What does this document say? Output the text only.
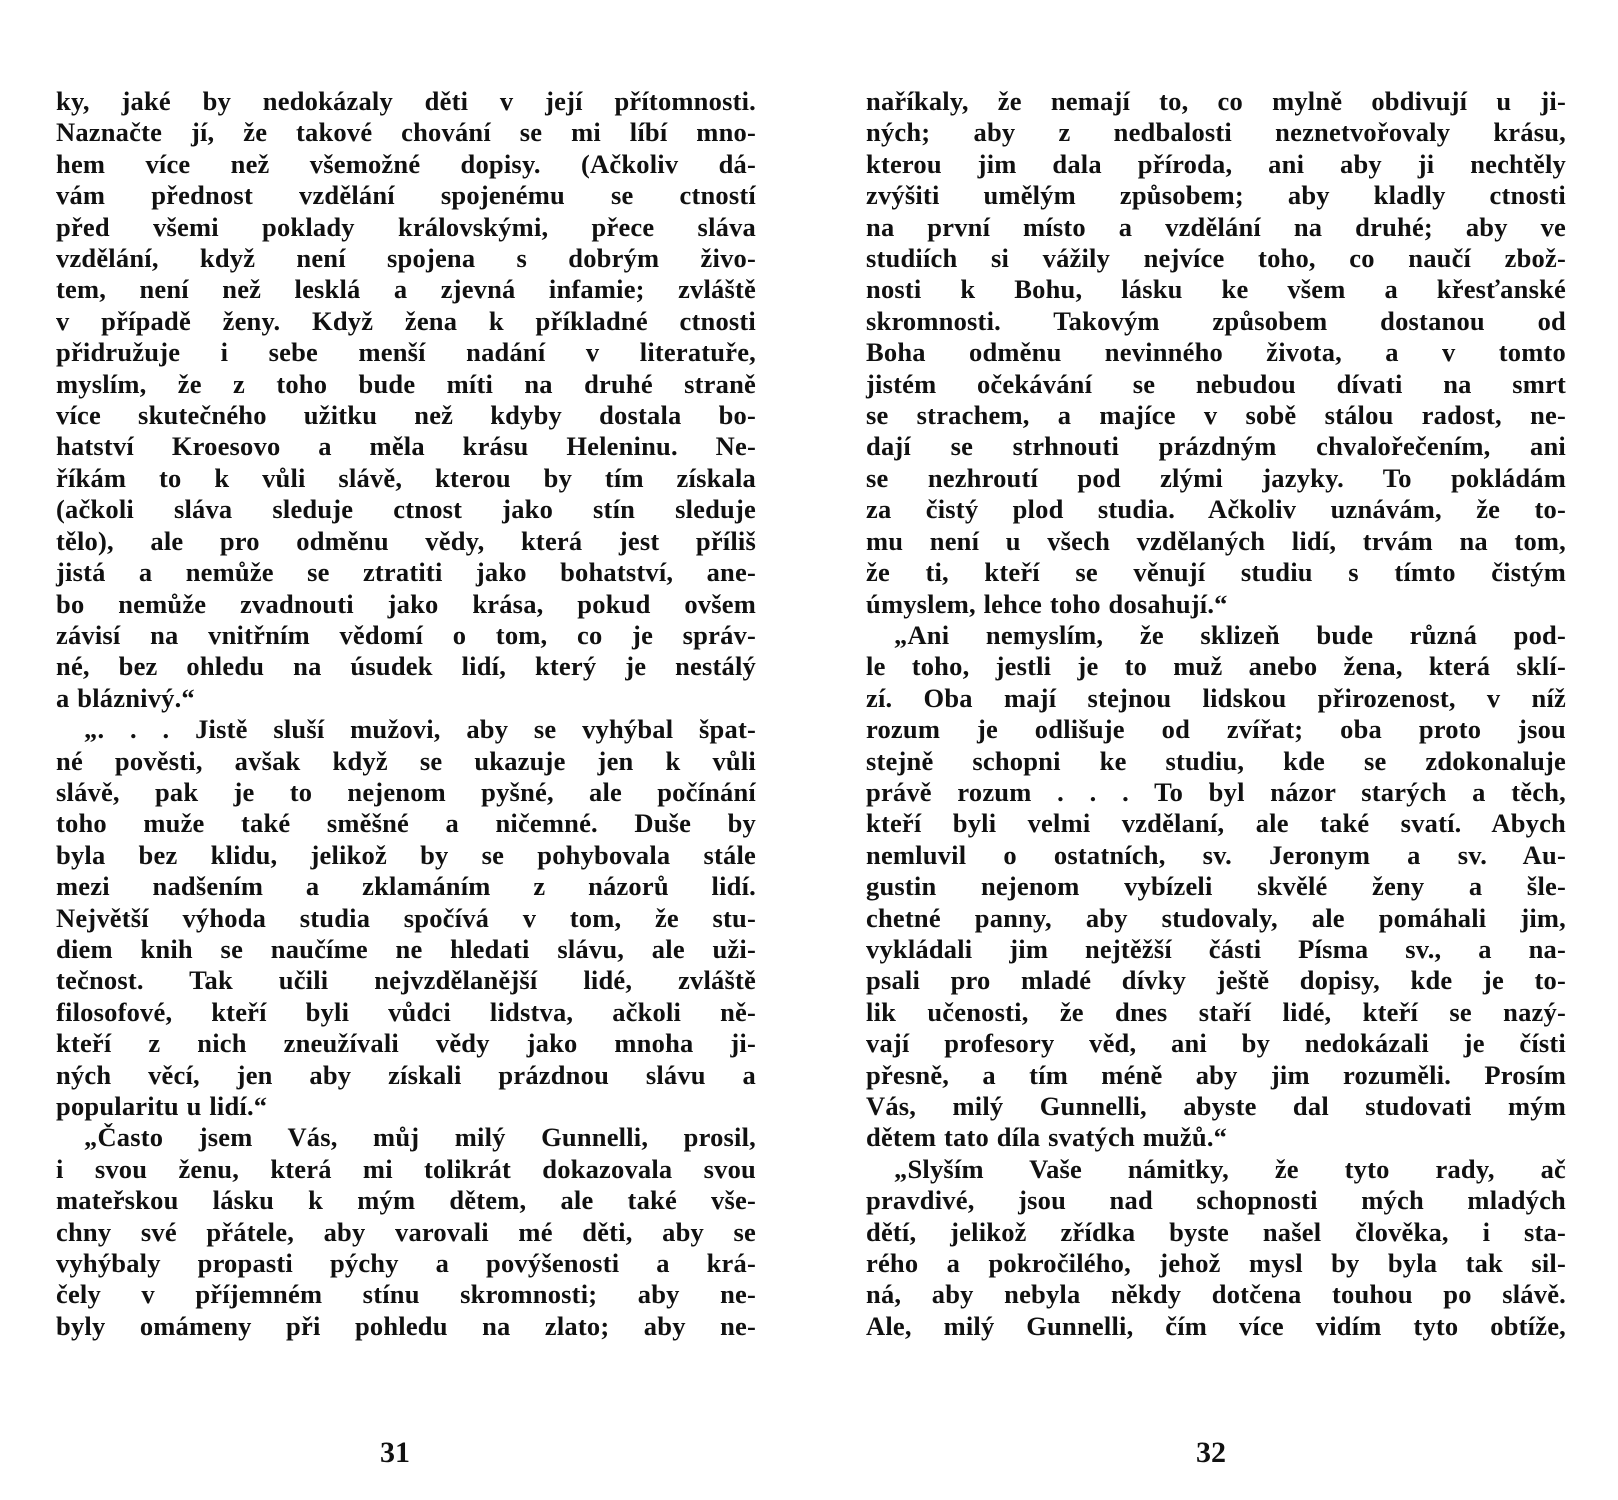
ky, jaké by nedokázaly děti v její přítomnosti.
Naznačte jí, že takové chování se mi líbí mno-
hem více než všemožné dopisy. (Ačkoliv dá-
vám přednost vzdělání spojenému se ctností
před všemi poklady královskými, přece sláva
vzdělání, když není spojena s dobrým živo-
tem, není než lesklá a zjevná infamie; zvláště
v případě ženy. Když žena k příkladné ctnosti
přidružuje i sebe menší nadání v literatuře,
myslím, že z toho bude míti na druhé straně
více skutečného užitku než kdyby dostala bo-
hatství Kroesovo a měla krásu Heleninu. Ne-
říkám to k vůli slávě, kterou by tím získala
(ačkoli sláva sleduje ctnost jako stín sleduje
tělo), ale pro odměnu vědy, která jest příliš
jistá a nemůže se ztratiti jako bohatství, ane-
bo nemůže zvadnouti jako krása, pokud ovšem
závisí na vnitřním vědomí o tom, co je správ-
né, bez ohledu na úsudek lidí, který je nestálý
a bláznivý.“
„. . . Jistě sluší mužovi, aby se vyhýbal špat-
né pověsti, avšak když se ukazuje jen k vůli
slávě, pak je to nejenom pyšné, ale počínání
toho muže také směšné a ničemné. Duše by
byla bez klidu, jelikož by se pohybovala stále
mezi nadšením a zklamáním z názorů lidí.
Největší výhoda studia spočívá v tom, že stu-
diem knih se naučíme ne hledati slávu, ale uži-
tečnost. Tak učili nejvzdělanější lidé, zvláště
filosofové, kteří byli vůdci lidstva, ačkoli ně-
kteří z nich zneužívali vědy jako mnoha ji-
ných věcí, jen aby získali prázdnou slávu a
popularitu u lidí.“
„Často jsem Vás, můj milý Gunnelli, prosil,
i svou ženu, která mi tolikrát dokazovala svou
mateřskou lásku k mým dětem, ale také vše-
chny své přátele, aby varovali mé děti, aby se
vyhýbaly propasti pýchy a povýšenosti a krá-
čely v příjemném stínu skromnosti; aby ne-
byly omámeny při pohledu na zlato; aby ne-
naříkaly, že nemají to, co mylně obdivují u ji-
ných; aby z nedbalosti neznetvořovaly krásu,
kterou jim dala příroda, ani aby ji nechtěly
zvýšiti umělým způsobem; aby kladly ctnosti
na první místo a vzdělání na druhé; aby ve
studiích si vážily nejvíce toho, co naučí zbož-
nosti k Bohu, lásku ke všem a křesťanské
skromnosti. Takovým způsobem dostanou od
Boha odměnu nevinného života, a v tomto
jistém očekávání se nebudou dívati na smrt
se strachem, a majíce v sobě stálou radost, ne-
dají se strhnouti prázdným chvalořečením, ani
se nezhroutí pod zlými jazyky. To pokládám
za čistý plod studia. Ačkoliv uznávám, že to-
mu není u všech vzdělaných lidí, trvám na tom,
že ti, kteří se věnují studiu s tímto čistým
úmyslem, lehce toho dosahují.“
„Ani nemyslím, že sklizeň bude různá pod-
le toho, jestli je to muž anebo žena, která sklí-
zí. Oba mají stejnou lidskou přirozenost, v níž
rozum je odlišuje od zvířat; oba proto jsou
stejně schopni ke studiu, kde se zdokonaluje
právě rozum . . . To byl názor starých a těch,
kteří byli velmi vzdělaní, ale také svatí. Abych
nemluvil o ostatních, sv. Jeronym a sv. Au-
gustin nejenom vybízeli skvělé ženy a šle-
chetné panny, aby studovaly, ale pomáhali jim,
vykládali jim nejtěžší části Písma sv., a na-
psali pro mladé dívky ještě dopisy, kde je to-
lik učenosti, že dnes staří lidé, kteří se nazý-
vají profesory věd, ani by nedokázali je čísti
přesně, a tím méně aby jim rozuměli. Prosím
Vás, milý Gunnelli, abyste dal studovati mým
dětem tato díla svatých mužů.“
„Slyším Vaše námitky, že tyto rady, ač
pravdivé, jsou nad schopnosti mých mladých
dětí, jelikož zřídka byste našel člověka, i sta-
rého a pokročilého, jehož mysl by byla tak sil-
ná, aby nebyla někdy dotčena touhou po slávě.
Ale, milý Gunnelli, čím více vidím tyto obtíže,
31	32
